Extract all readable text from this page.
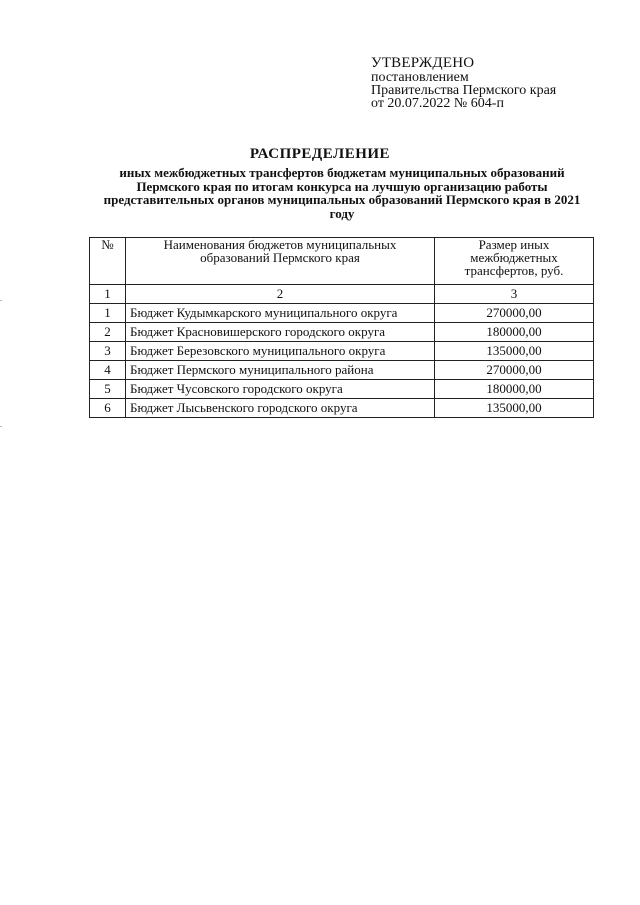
УТВЕРЖДЕНО
постановлением
Правительства Пермского края
от 20.07.2022 № 604-п
РАСПРЕДЕЛЕНИЕ
иных межбюджетных трансфертов бюджетам муниципальных образований Пермского края по итогам конкурса на лучшую организацию работы представительных органов муниципальных образований Пермского края в 2021 году
№	Наименования бюджетов муниципальных образований Пермского края	Размер иных межбюджетных трансфертов, руб.
1	2	3
1	Бюджет Кудымкарского муниципального округа	270000,00
2	Бюджет Красновишерского городского округа	180000,00
3	Бюджет Березовского муниципального округа	135000,00
4	Бюджет Пермского муниципального района	270000,00
5	Бюджет Чусовского городского округа	180000,00
6	Бюджет Лысьвенского городского округа	135000,00
